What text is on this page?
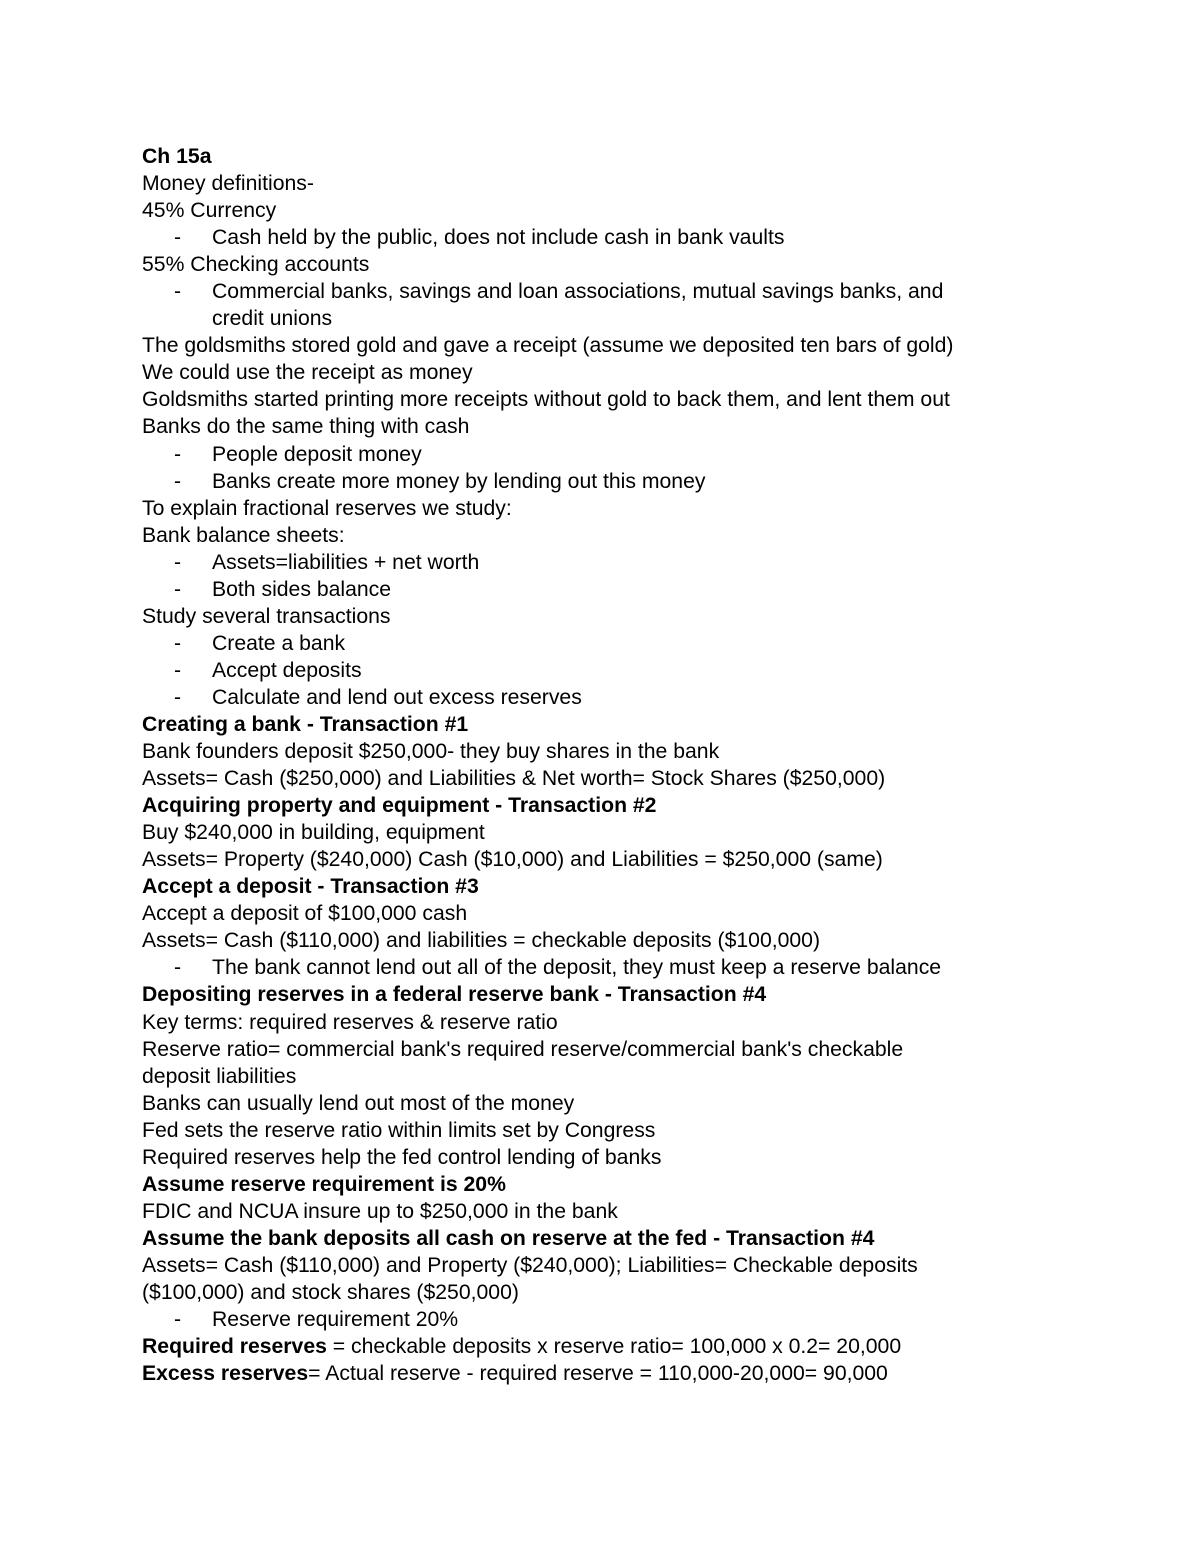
Ch 15a
Money definitions-
45% Currency
- Cash held by the public, does not include cash in bank vaults
55% Checking accounts
- Commercial banks, savings and loan associations, mutual savings banks, and
credit unions
The goldsmiths stored gold and gave a receipt (assume we deposited ten bars of gold)
We could use the receipt as money
Goldsmiths started printing more receipts without gold to back them, and lent them out
Banks do the same thing with cash
- People deposit money
- Banks create more money by lending out this money
To explain fractional reserves we study:
Bank balance sheets:
- Assets=liabilities + net worth
- Both sides balance
Study several transactions
- Create a bank
- Accept deposits
- Calculate and lend out excess reserves
Creating a bank - Transaction #1
Bank founders deposit $250,000- they buy shares in the bank
Assets= Cash ($250,000) and Liabilities & Net worth= Stock Shares ($250,000)
Acquiring property and equipment - Transaction #2
Buy $240,000 in building, equipment
Assets= Property ($240,000) Cash ($10,000) and Liabilities = $250,000 (same)
Accept a deposit - Transaction #3
Accept a deposit of $100,000 cash
Assets= Cash ($110,000) and liabilities = checkable deposits ($100,000)
- The bank cannot lend out all of the deposit, they must keep a reserve balance
Depositing reserves in a federal reserve bank - Transaction #4
Key terms: required reserves & reserve ratio
Reserve ratio= commercial bank's required reserve/commercial bank's checkable
deposit liabilities
Banks can usually lend out most of the money
Fed sets the reserve ratio within limits set by Congress
Required reserves help the fed control lending of banks
Assume reserve requirement is 20%
FDIC and NCUA insure up to $250,000 in the bank
Assume the bank deposits all cash on reserve at the fed - Transaction #4
Assets= Cash ($110,000) and Property ($240,000); Liabilities= Checkable deposits
($100,000) and stock shares ($250,000)
- Reserve requirement 20%
Required reserves = checkable deposits x reserve ratio= 100,000 x 0.2= 20,000
Excess reserves= Actual reserve - required reserve = 110,000-20,000= 90,000
